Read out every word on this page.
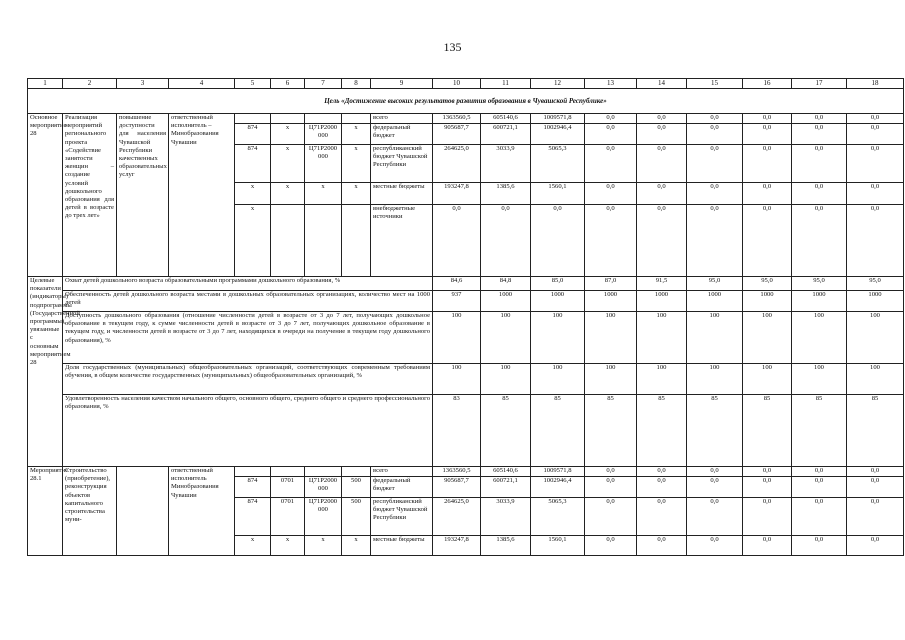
135
1	2	3	4	5	6	7	8	9	10	11	12	13	14	15	16	17	18
Цель «Достижение высоких результатов развития образования в Чувашской Республике»																	
Основное мероприятие 28	Реализация мероприятий регионального проекта «Содействие занятости женщин – создание условий дошкольного образования для детей в возрасте до трех лет»	повышение доступности для населения Чувашской Республики качественных образовательных услуг	ответственный исполнитель – Минобразования Чувашии					всего	1363560,5	605140,6	1009571,8	0,0	0,0	0,0	0,0	0,0	0,0
				874	x	Ц71Р2000 000	x	федеральный бюджет	905687,7	600721,1	1002946,4	0,0	0,0	0,0	0,0	0,0	0,0
				874	x	Ц71Р2000 000	x	республиканский бюджет Чувашской Республики	264625,0	3033,9	5065,3	0,0	0,0	0,0	0,0	0,0	0,0
				x	x	x	x	местные бюджеты	193247,8	1385,6	1560,1	0,0	0,0	0,0	0,0	0,0	0,0
				x				внебюджетные источники	0,0	0,0	0,0	0,0	0,0	0,0	0,0	0,0	0,0
Целевые показатели (индикаторы) подпрограммы (Государственной программы), увязанные с основным мероприятием 28	Охват детей дошкольного возраста образовательными программами дошкольного образования, %								84,6	84,8	85,0	87,0	91,5	95,0	95,0	95,0	95,0
	Обеспеченность детей дошкольного возраста местами в дошкольных образовательных организациях, количество мест на 1000 детей								937	1000	1000	1000	1000	1000	1000	1000	1000
	Доступность дошкольного образования (отношение численности детей в возрасте от 3 до 7 лет, получающих дошкольное образование в текущем году, к сумме численности детей в возрасте от 3 до 7 лет, получающих дошкольное образование в текущем году, и численности детей в возрасте от 3 до 7 лет, находящихся в очереди на получение в текущем году дошкольного образования), %								100	100	100	100	100	100	100	100	100
	Доля государственных (муниципальных) общеобразовательных организаций, соответствующих современным требованиям обучения, в общем количестве государственных (муниципальных) общеобразовательных организаций, %								100	100	100	100	100	100	100	100	100
	Удовлетворенность населения качеством начального общего, основного общего, среднего общего и среднего профессионального образования, %								83	85	85	85	85	85	85	85	85
Мероприятие 28.1	Строительство (приобретение), реконструкция объектов капитального строительства муни-		ответственный исполнитель Минобразования Чувашии					всего	1363560,5	605140,6	1009571,8	0,0	0,0	0,0	0,0	0,0	0,0
				874	0701	Ц71Р2000 000	500	федеральный бюджет	905687,7	600721,1	1002946,4	0,0	0,0	0,0	0,0	0,0	0,0
				874	0701	Ц71Р2000 000	500	республиканский бюджет Чувашской Республики	264625,0	3033,9	5065,3	0,0	0,0	0,0	0,0	0,0	0,0
				x	x	x	x	местные бюджеты	193247,8	1385,6	1560,1	0,0	0,0	0,0	0,0	0,0	0,0
